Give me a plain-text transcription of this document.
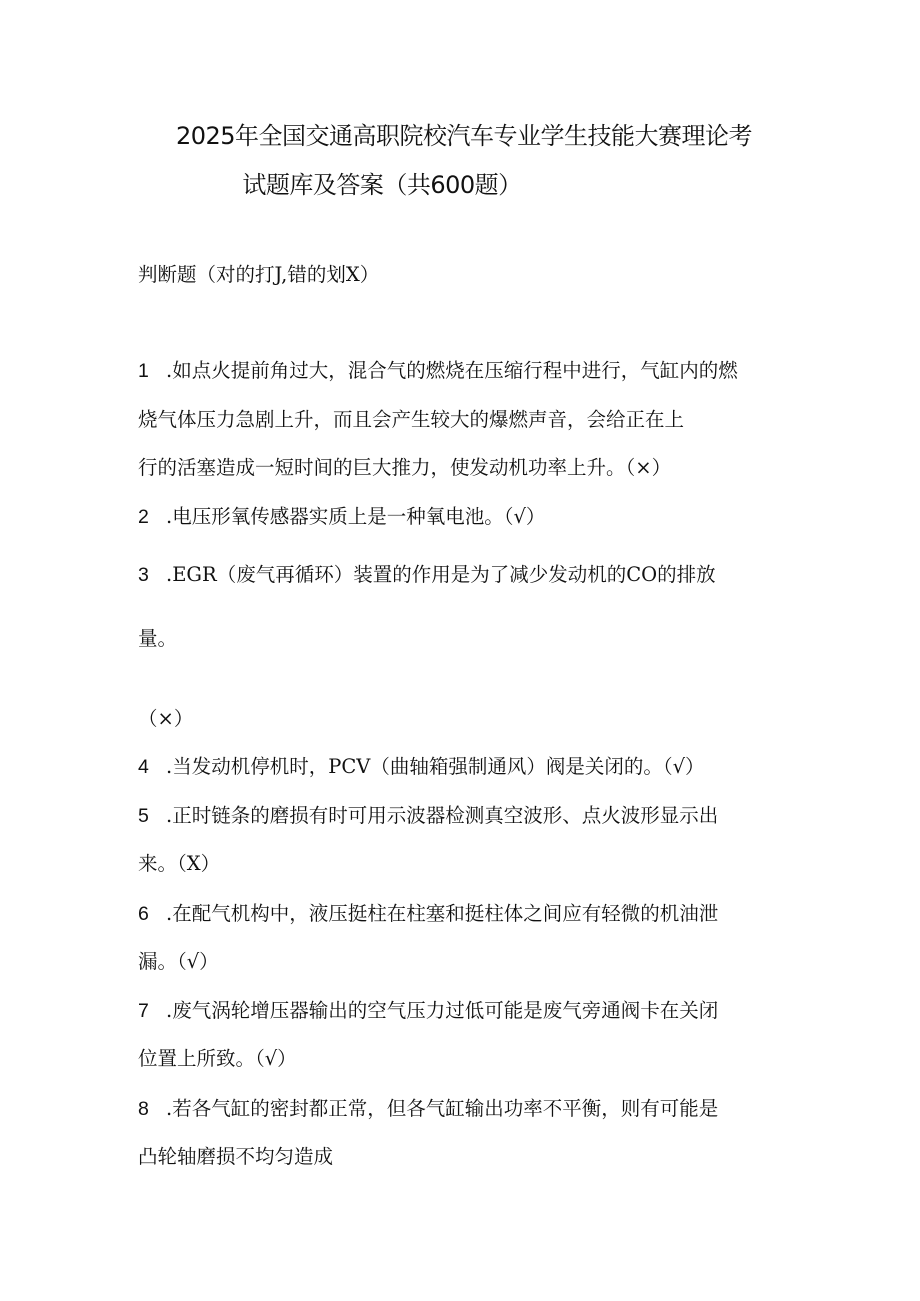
2025年全国交通高职院校汽车专业学生技能大赛理论考
试题库及答案（共600题）
判断题（对的打J,错的划X）
1 .如点火提前角过大，混合气的燃烧在压缩行程中进行，气缸内的燃
烧气体压力急剧上升，而且会产生较大的爆燃声音，会给正在上
行的活塞造成一短时间的巨大推力，使发动机功率上升。（×）
2 .电压形氧传感器实质上是一种氧电池。（√）
3 .EGR（废气再循环）装置的作用是为了减少发动机的CO的排放
量。
（×）
4 .当发动机停机时，PCV（曲轴箱强制通风）阀是关闭的。（√）
5 .正时链条的磨损有时可用示波器检测真空波形、点火波形显示出
来。（X）
6 .在配气机构中，液压挺柱在柱塞和挺柱体之间应有轻微的机油泄
漏。（√）
7 .废气涡轮增压器输出的空气压力过低可能是废气旁通阀卡在关闭
位置上所致。（√）
8 .若各气缸的密封都正常，但各气缸输出功率不平衡，则有可能是
凸轮轴磨损不均匀造成
